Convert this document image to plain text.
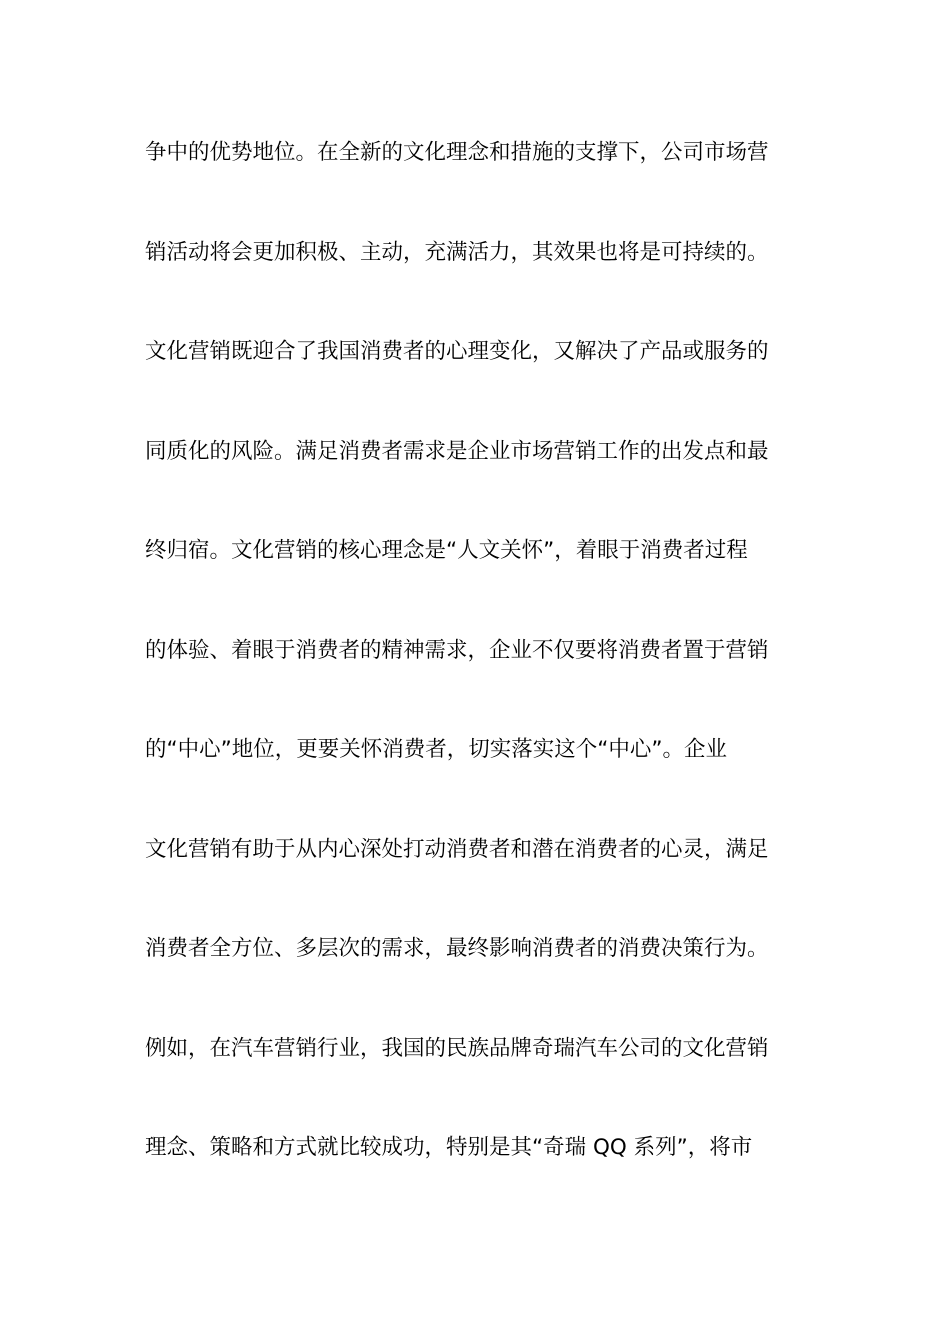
争中的优势地位。在全新的文化理念和措施的支撑下，公司市场营
销活动将会更加积极、主动，充满活力，其效果也将是可持续的。
文化营销既迎合了我国消费者的心理变化，又解决了产品或服务的
同质化的风险。满足消费者需求是企业市场营销工作的出发点和最
终归宿。文化营销的核心理念是“人文关怀”，着眼于消费者过程
的体验、着眼于消费者的精神需求，企业不仅要将消费者置于营销
的“中心”地位，更要关怀消费者，切实落实这个“中心”。企业
文化营销有助于从内心深处打动消费者和潜在消费者的心灵，满足
消费者全方位、多层次的需求，最终影响消费者的消费决策行为。
例如，在汽车营销行业，我国的民族品牌奇瑞汽车公司的文化营销
理念、策略和方式就比较成功，特别是其“奇瑞 QQ 系列”，将市
